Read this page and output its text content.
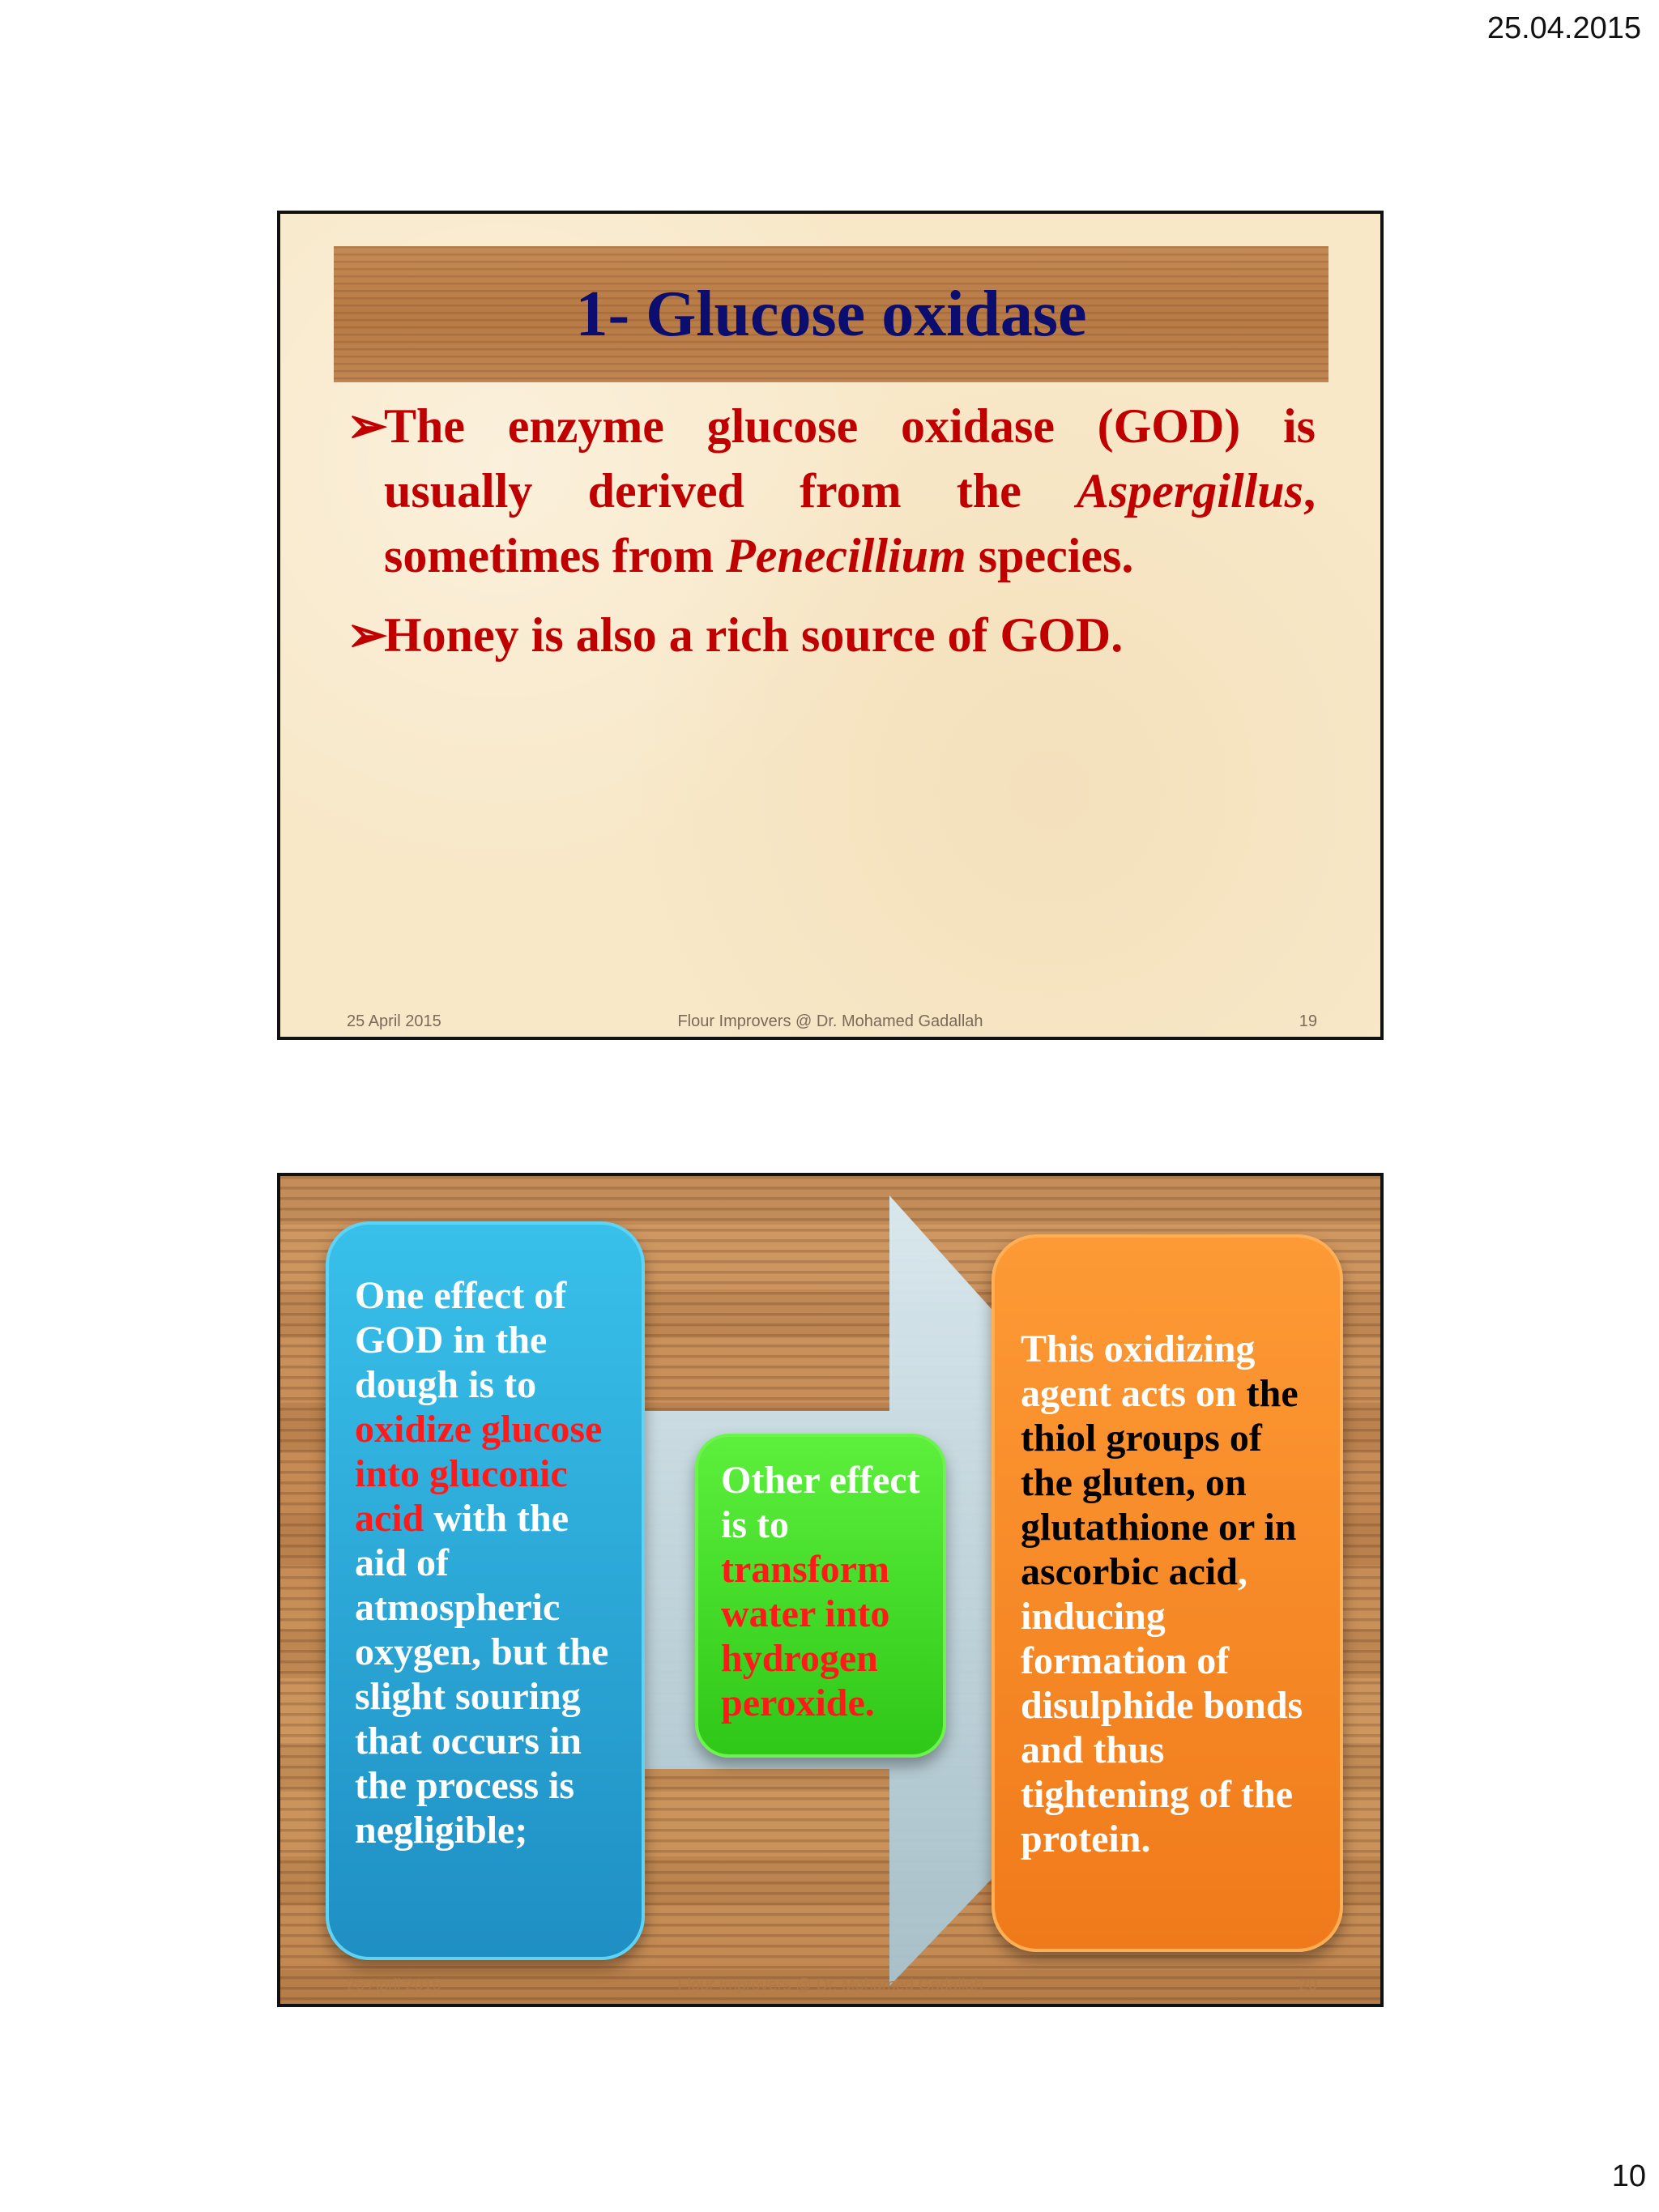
25.04.2015
1- Glucose oxidase
➢
The enzyme glucose oxidase (GOD) is usually derived from the Aspergillus, sometimes from Penecillium species.
➢
Honey is also a rich source of GOD.
25 April 2015	Flour Improvers @ Dr. Mohamed Gadallah	19
One effect of GOD in the dough is to oxidize glucose into gluconic acid with the aid of atmospheric oxygen, but the slight souring that occurs in the process is negligible;
Other effect is to transform water into hydrogen peroxide.
This oxidizing agent acts on the thiol groups of the gluten, on glutathione or in ascorbic acid, inducing formation of disulphide bonds and thus tightening of the protein.
25 April 2015	Flour Improvers @ Dr. Mohamed Gadallah	20
10
